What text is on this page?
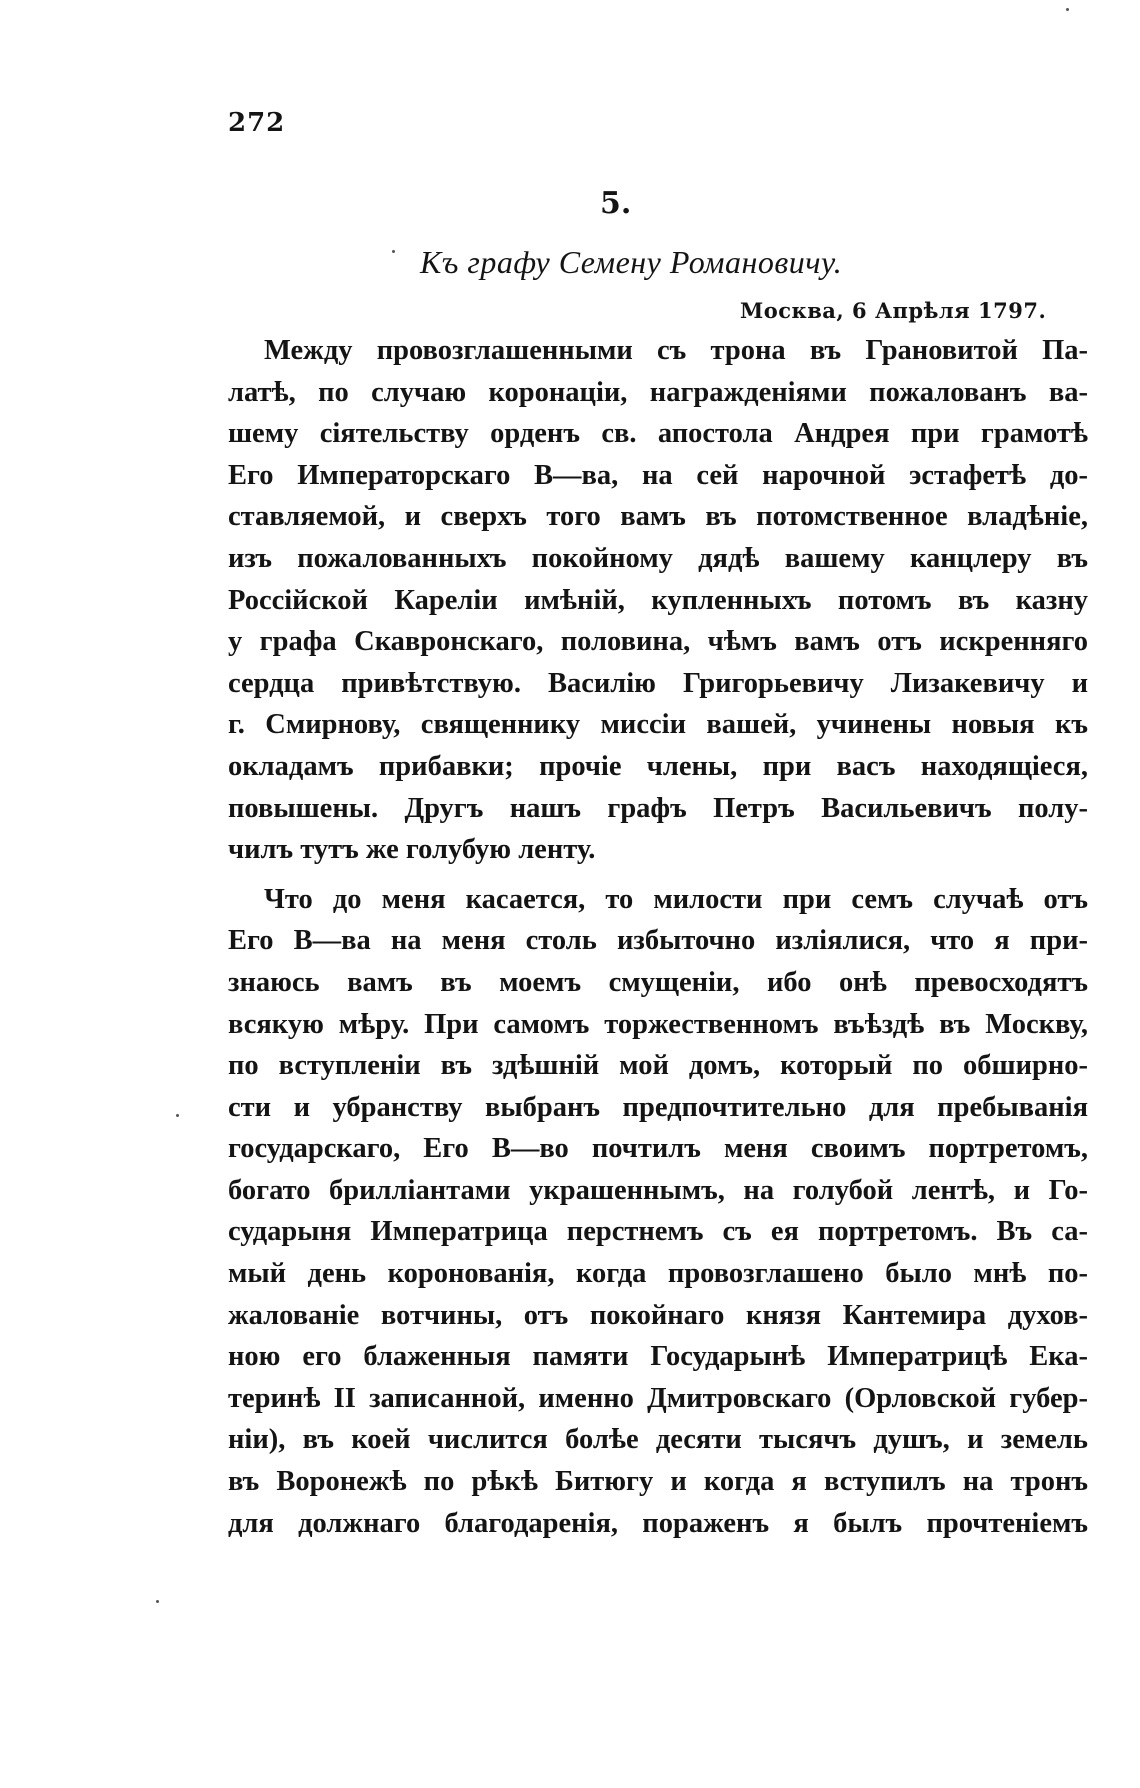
272
5.
Къ графу Семену Романовичу.
Москва, 6 Апрѣля 1797.
Между провозглашенными съ трона въ Грановитой Па-
латѣ, по случаю коронаціи, награжденіями пожалованъ ва-
шему сіятельству орденъ св. апостола Андрея при грамотѣ
Его Императорскаго В—ва, на сей нарочной эстафетѣ до-
ставляемой, и сверхъ того вамъ въ потомственное владѣніе,
изъ пожалованныхъ покойному дядѣ вашему канцлеру въ
Россійской Кареліи имѣній, купленныхъ потомъ въ казну
у графа Скавронскаго, половина, чѣмъ вамъ отъ искренняго
сердца привѣтствую. Василію Григорьевичу Лизакевичу и
г. Смирнову, священнику миссіи вашей, учинены новыя къ
окладамъ прибавки; прочіе члены, при васъ находящіеся,
повышены. Другъ нашъ графъ Петръ Васильевичъ полу-
чилъ тутъ же голубую ленту.
Что до меня касается, то милости при семъ случаѣ отъ
Его В—ва на меня столь избыточно изліялися, что я при-
знаюсь вамъ въ моемъ смущеніи, ибо онѣ превосходятъ
всякую мѣру. При самомъ торжественномъ въѣздѣ въ Москву,
по вступленіи въ здѣшній мой домъ, который по обширно-
сти и убранству выбранъ предпочтительно для пребыванія
государскаго, Его В—во почтилъ меня своимъ портретомъ,
богато брилліантами украшеннымъ, на голубой лентѣ, и Го-
сударыня Императрица перстнемъ съ ея портретомъ. Въ са-
мый день коронованія, когда провозглашено было мнѣ по-
жалованіе вотчины, отъ покойнаго князя Кантемира духов-
ною его блаженныя памяти Государынѣ Императрицѣ Ека-
теринѣ II записанной, именно Дмитровскаго (Орловской губер-
ніи), въ коей числится болѣе десяти тысячъ душъ, и земель
въ Воронежѣ по рѣкѣ Битюгу и когда я вступилъ на тронъ
для должнаго благодаренія, пораженъ я былъ прочтеніемъ
